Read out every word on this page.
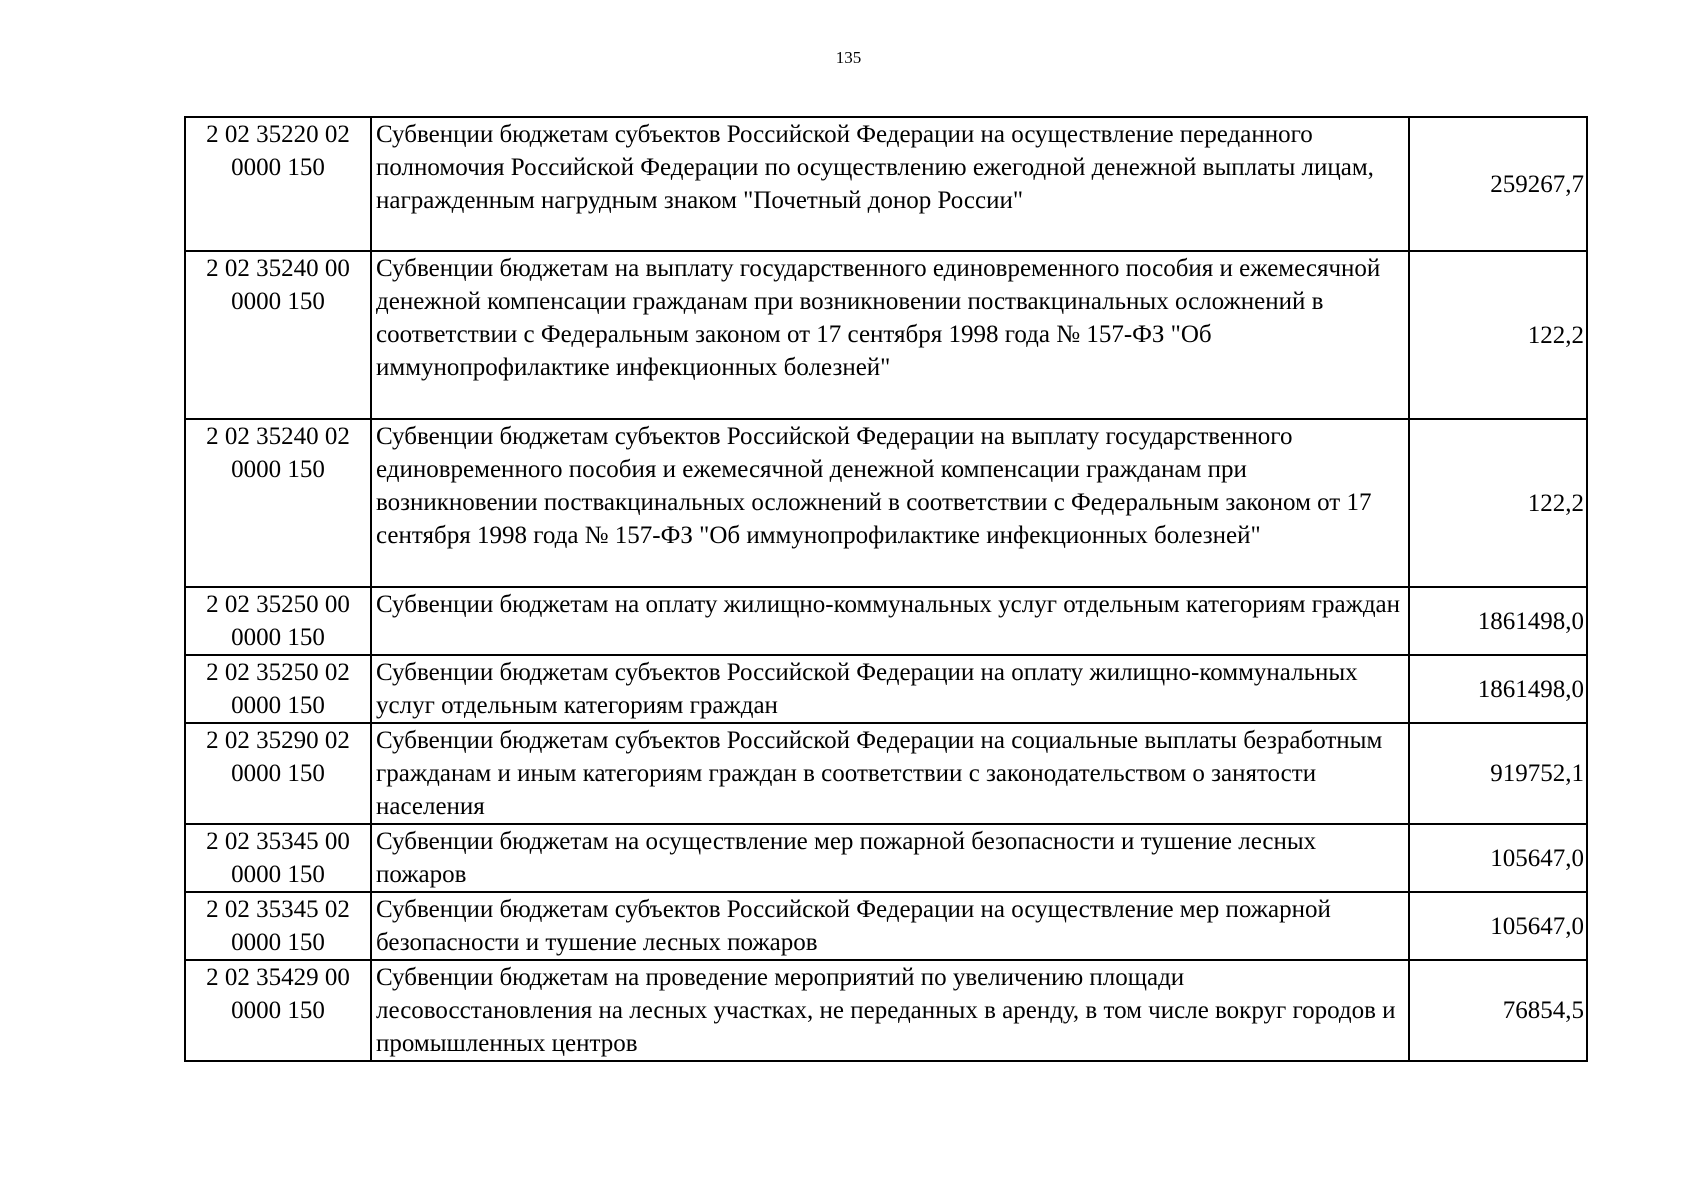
135
2 02 35220 02
0000 150	Субвенции бюджетам субъектов Российской Федерации на осуществление переданного полномочия Российской Федерации по осуществлению ежегодной денежной выплаты лицам, награжденным нагрудным знаком "Почетный донор России"	259267,7

2 02 35240 00
0000 150	Субвенции бюджетам на выплату государственного единовременного пособия и ежемесячной денежной компенсации гражданам при возникновении поствакцинальных осложнений в соответствии с Федеральным законом от 17 сентября 1998 года № 157-ФЗ "Об иммунопрофилактике инфекционных болезней"	122,2

2 02 35240 02
0000 150	Субвенции бюджетам субъектов Российской Федерации на выплату государственного единовременного пособия и ежемесячной денежной компенсации гражданам при возникновении поствакцинальных осложнений в соответствии с Федеральным законом от 17 сентября 1998 года № 157-ФЗ "Об иммунопрофилактике инфекционных болезней"	122,2

2 02 35250 00
0000 150	Субвенции бюджетам на оплату жилищно-коммунальных услуг отдельным категориям граждан	1861498,0

2 02 35250 02
0000 150	Субвенции бюджетам субъектов Российской Федерации на оплату жилищно-коммунальных услуг отдельным категориям граждан	1861498,0

2 02 35290 02
0000 150	Субвенции бюджетам субъектов Российской Федерации на социальные выплаты безработным гражданам и иным категориям граждан в соответствии с законодательством о занятости населения	919752,1

2 02 35345 00
0000 150	Субвенции бюджетам на осуществление мер пожарной безопасности и тушение лесных пожаров	105647,0

2 02 35345 02
0000 150	Субвенции бюджетам субъектов Российской Федерации на осуществление мер пожарной безопасности и тушение лесных пожаров	105647,0

2 02 35429 00
0000 150	Субвенции бюджетам на проведение мероприятий по увеличению площади лесовосстановления на лесных участках, не переданных в аренду, в том числе вокруг городов и промышленных центров	76854,5
